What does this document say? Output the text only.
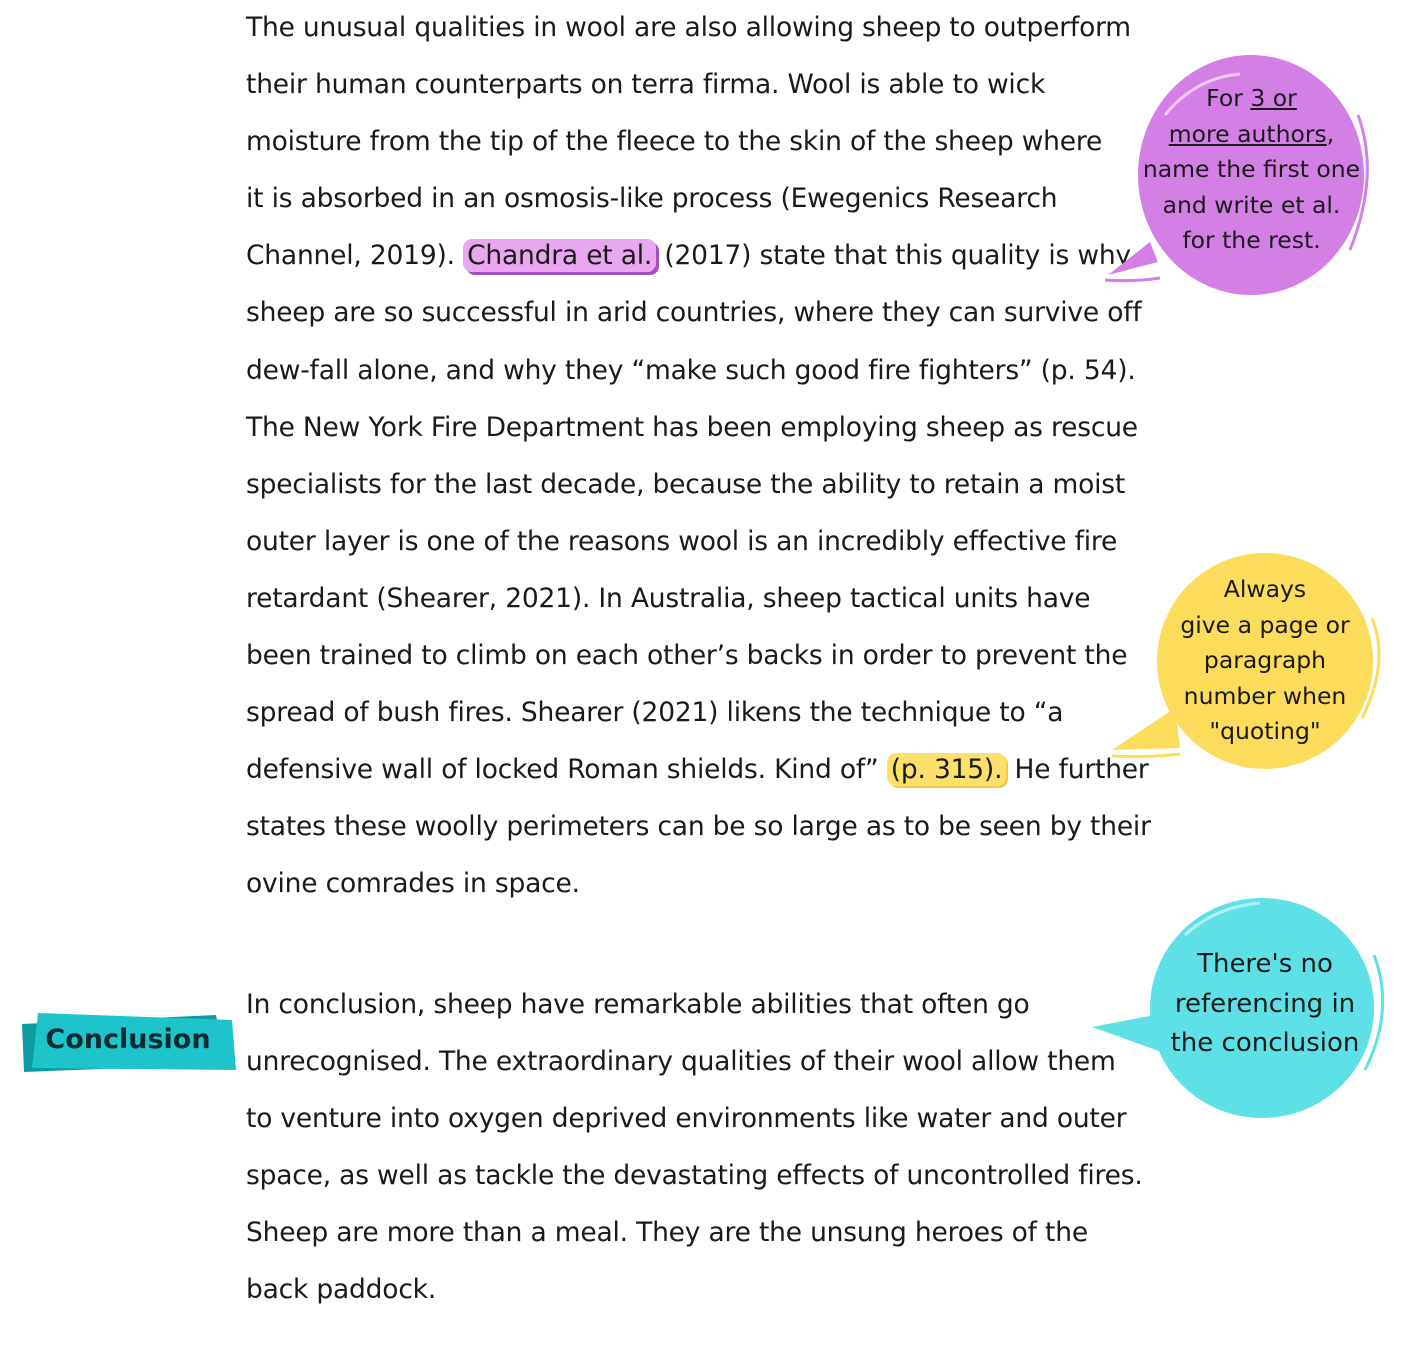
The unusual qualities in wool are also allowing sheep to outperform
their human counterparts on terra firma. Wool is able to wick
moisture from the tip of the fleece to the skin of the sheep where
it is absorbed in an osmosis-like process (Ewegenics Research
Channel, 2019). Chandra et al. (2017) state that this quality is why
sheep are so successful in arid countries, where they can survive off
dew-fall alone, and why they “make such good fire fighters” (p. 54).
The New York Fire Department has been employing sheep as rescue
specialists for the last decade, because the ability to retain a moist
outer layer is one of the reasons wool is an incredibly effective fire
retardant (Shearer, 2021). In Australia, sheep tactical units have
been trained to climb on each other’s backs in order to prevent the
spread of bush fires. Shearer (2021) likens the technique to “a
defensive wall of locked Roman shields. Kind of” (p. 315). He further
states these woolly perimeters can be so large as to be seen by their
ovine comrades in space.
In conclusion, sheep have remarkable abilities that often go
unrecognised. The extraordinary qualities of their wool allow them
to venture into oxygen deprived environments like water and outer
space, as well as tackle the devastating effects of uncontrolled fires.
Sheep are more than a meal. They are the unsung heroes of the
back paddock.
Conclusion
For 3 or
more authors,
name the first one
and write et al.
for the rest.
Always
give a page or
paragraph
number when
"quoting"
There's no
referencing in
the conclusion
